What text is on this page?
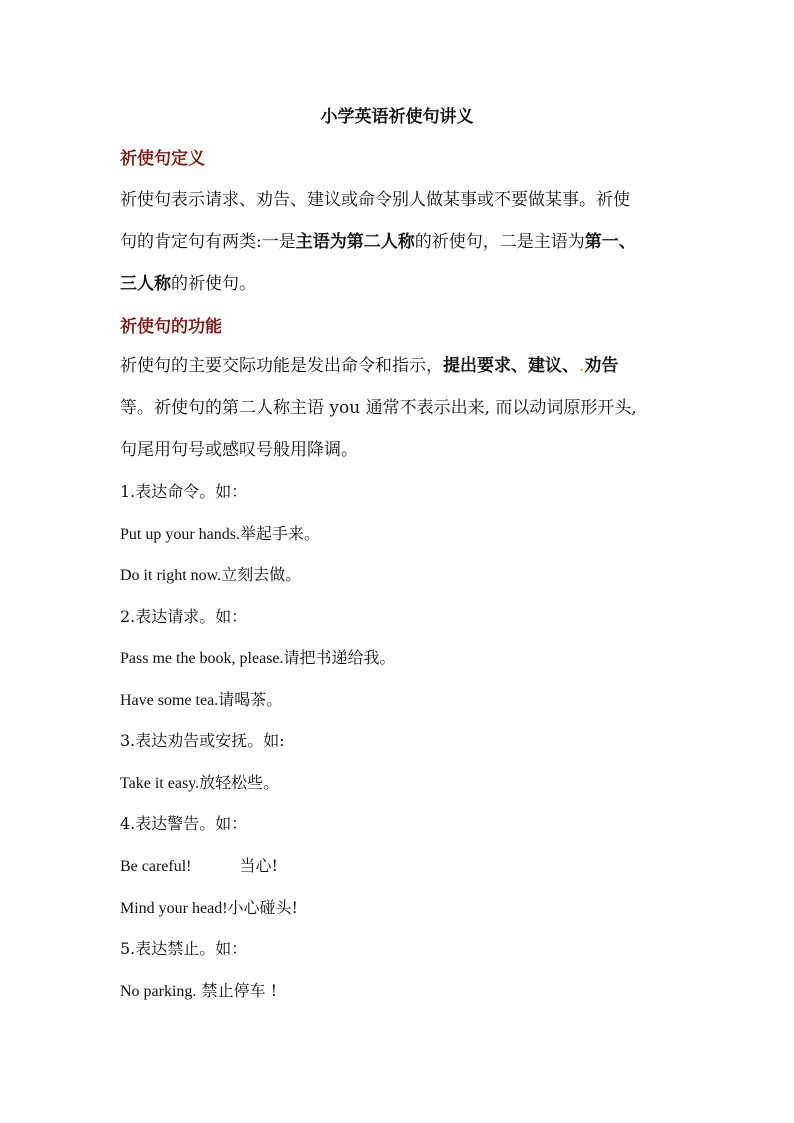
小学英语祈使句讲义
祈使句定义
祈使句表示请求、劝告、建议或命令别人做某事或不要做某事。祈使
句的肯定句有两类:一是主语为第二人称的祈使句，二是主语为第一、
三人称的祈使句。
祈使句的功能
祈使句的主要交际功能是发出命令和指示，提出要求、建议、.劝告
等。祈使句的第二人称主语 you 通常不表示出来, 而以动词原形开头,
句尾用句号或感叹号般用降调。
1.表达命令。如：
Put up your hands.举起手来。
Do it right now.立刻去做。
2.表达请求。如：
Pass me the book, please.请把书递给我。
Have some tea.请喝茶。
3.表达劝告或安抚。如:
Take it easy.放轻松些。
4.表达警告。如：
Be careful!	当心!
Mind your head!小心碰头!
5.表达禁止。如：
No parking. 禁止停车 !
